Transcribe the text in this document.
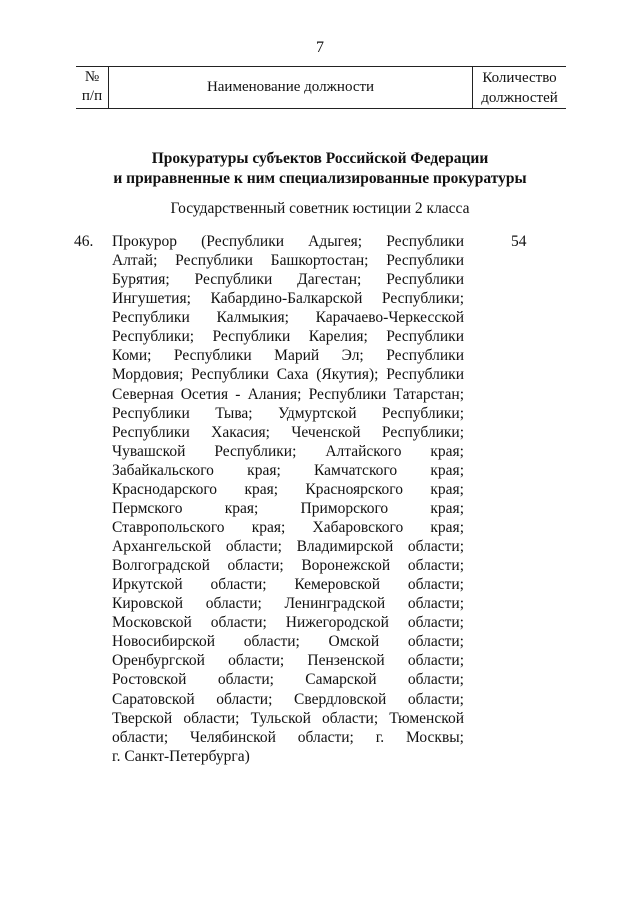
7
№
п/п
Наименование должности
Количество
должностей
Прокуратуры субъектов Российской Федерации
и приравненные к ним специализированные прокуратуры
Государственный советник юстиции 2 класса
46. Прокурор (Республики Адыгея; Республики
Алтай; Республики Башкортостан; Республики
Бурятия; Республики Дагестан; Республики
Ингушетия; Кабардино-Балкарской Республики;
Республики Калмыкия; Карачаево-Черкесской
Республики; Республики Карелия; Республики
Коми; Республики Марий Эл; Республики
Мордовия; Республики Саха (Якутия); Республики
Северная Осетия - Алания; Республики Татарстан;
Республики Тыва; Удмуртской Республики;
Республики Хакасия; Чеченской Республики;
Чувашской Республики; Алтайского края;
Забайкальского края; Камчатского края;
Краснодарского края; Красноярского края;
Пермского края; Приморского края;
Ставропольского края; Хабаровского края;
Архангельской области; Владимирской области;
Волгоградской области; Воронежской области;
Иркутской области; Кемеровской области;
Кировской области; Ленинградской области;
Московской области; Нижегородской области;
Новосибирской области; Омской области;
Оренбургской области; Пензенской области;
Ростовской области; Самарской области;
Саратовской области; Свердловской области;
Тверской области; Тульской области; Тюменской
области; Челябинской области; г. Москвы;
г. Санкт-Петербурга)
54
